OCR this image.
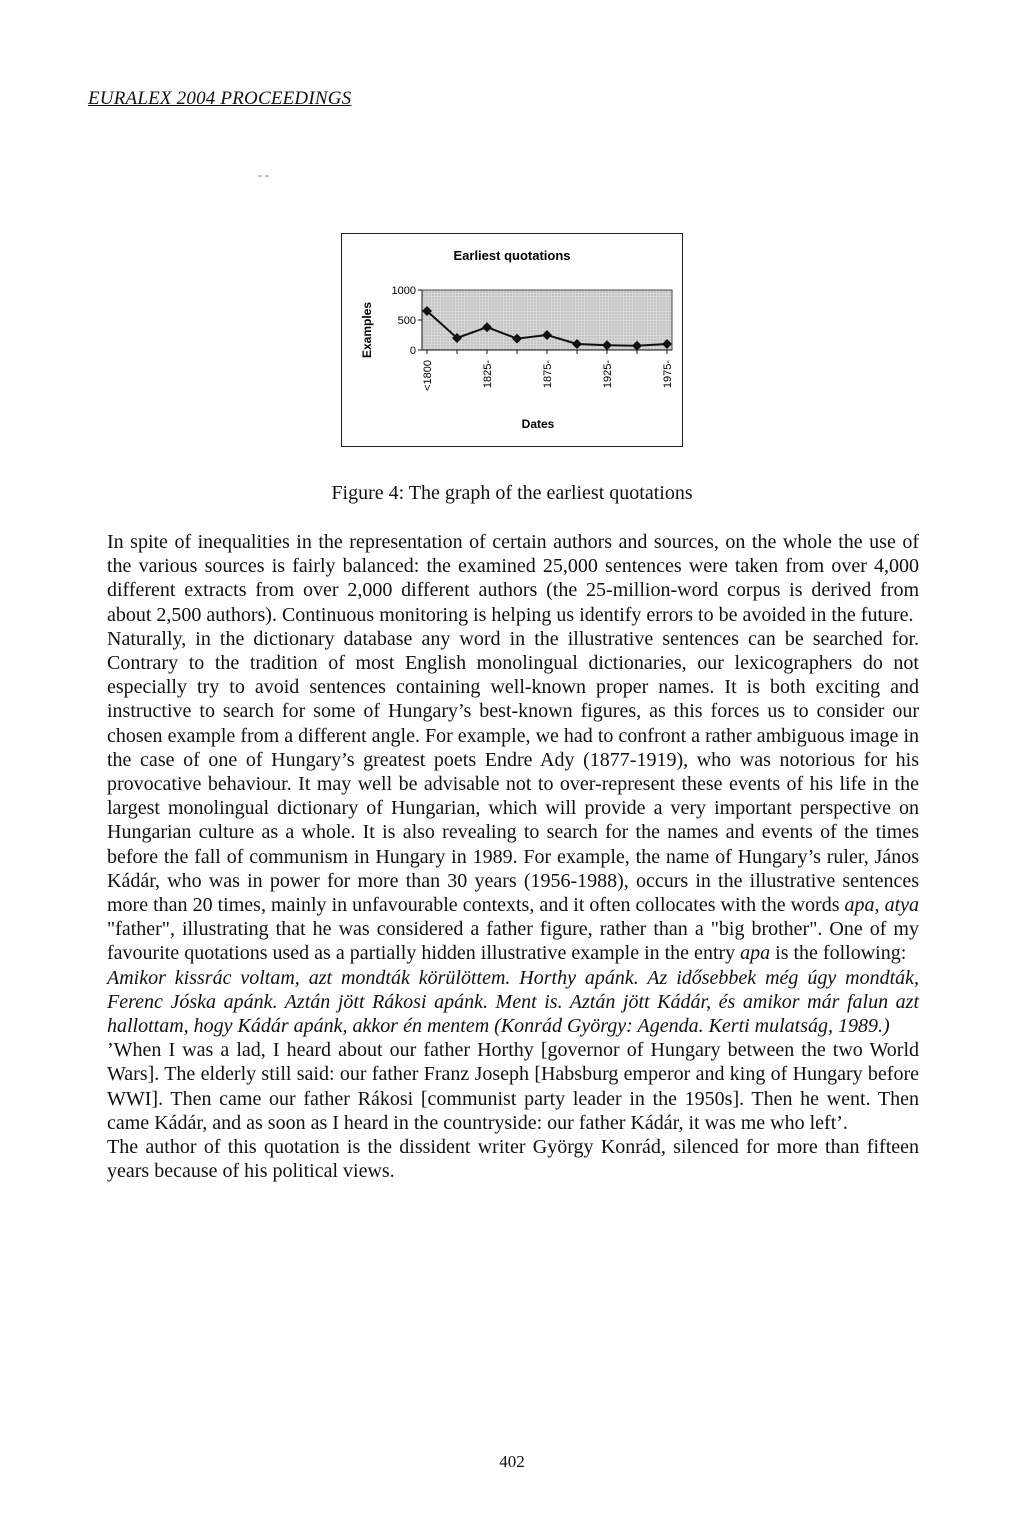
EURALEX 2004 PROCEEDINGS
- -
Earliest quotations
1000
500
0
<1800	1825-	1875-	1925-	1975-
Examples
Dates
Figure 4: The graph of the earliest quotations

In spite of inequalities in the representation of certain authors and sources, on the whole the use of the various sources is fairly balanced: the examined 25,000 sentences were taken from over 4,000 different extracts from over 2,000 different authors (the 25-million-word corpus is derived from about 2,500 authors). Continuous monitoring is helping us identify errors to be avoided in the future.

Naturally, in the dictionary database any word in the illustrative sentences can be searched for. Contrary to the tradition of most English monolingual dictionaries, our lexicographers do not especially try to avoid sentences containing well-known proper names. It is both exciting and instructive to search for some of Hungary’s best-known figures, as this forces us to consider our chosen example from a different angle. For example, we had to confront a rather ambiguous image in the case of one of Hungary’s greatest poets Endre Ady (1877-1919), who was notorious for his provocative behaviour. It may well be advisable not to over-represent these events of his life in the largest monolingual dictionary of Hungarian, which will provide a very important perspective on Hungarian culture as a whole. It is also revealing to search for the names and events of the times before the fall of communism in Hungary in 1989. For example, the name of Hungary’s ruler, János Kádár, who was in power for more than 30 years (1956-1988), occurs in the illustrative sentences more than 20 times, mainly in unfavourable contexts, and it often collocates with the words apa, atya "father", illustrating that he was considered a father figure, rather than a "big brother". One of my favourite quotations used as a partially hidden illustrative example in the entry apa is the following:

Amikor kissrác voltam, azt mondták körülöttem. Horthy apánk. Az idősebbek még úgy mondták, Ferenc Jóska apánk. Aztán jött Rákosi apánk. Ment is. Aztán jött Kádár, és amikor már falun azt hallottam, hogy Kádár apánk, akkor én mentem (Konrád György: Agenda. Kerti mulatság, 1989.)

’When I was a lad, I heard about our father Horthy [governor of Hungary between the two World Wars]. The elderly still said: our father Franz Joseph [Habsburg emperor and king of Hungary before WWI]. Then came our father Rákosi [communist party leader in the 1950s]. Then he went. Then came Kádár, and as soon as I heard in the countryside: our father Kádár, it was me who left’.

The author of this quotation is the dissident writer György Konrád, silenced for more than fifteen years because of his political views.

402
